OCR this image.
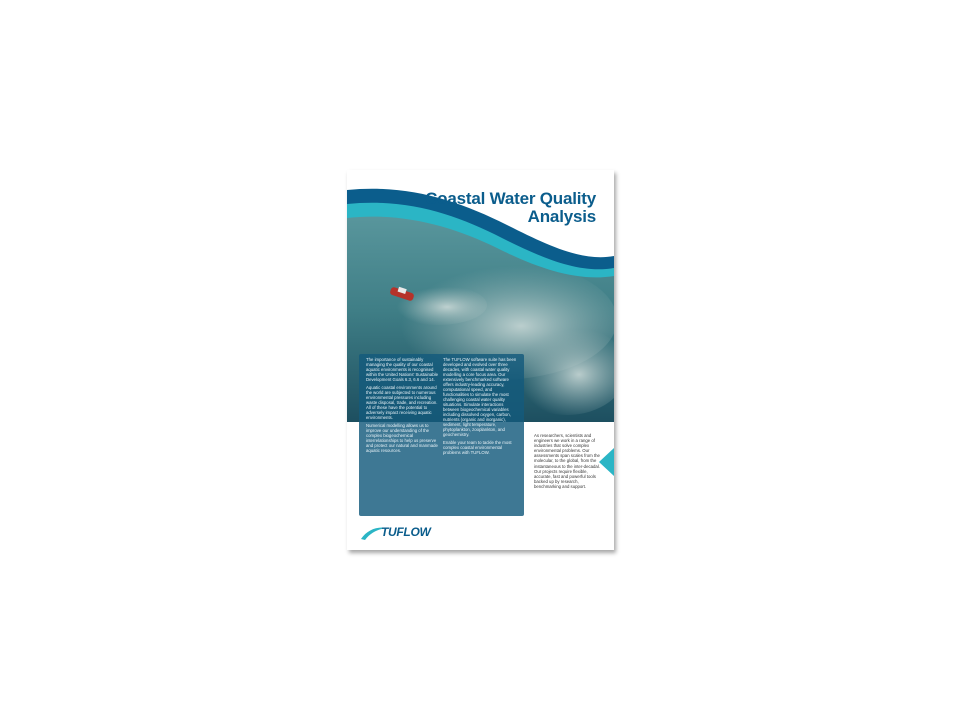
Coastal Water Quality
Analysis

The importance of sustainably managing the quality of our coastal aquatic environments is recognised within the United Nations' Sustainable Development Goals 6.3, 6.6 and 14.

Aquatic coastal environments around the world are subjected to numerous environmental pressures including waste disposal, trade, and recreation. All of these have the potential to adversely impact receiving aquatic environments.

Numerical modelling allows us to improve our understanding of the complex biogeochemical interrelationships to help us preserve and protect our natural and manmade aquatic resources.

The TUFLOW software suite has been developed and evolved over three decades, with coastal water quality modelling a core focus area. Our extensively benchmarked software offers industry-leading accuracy, computational speed, and functionalities to simulate the most challenging coastal water quality situations. Simulate interactions between biogeochemical variables including dissolved oxygen, carbon, nutrients (organic and inorganic), sediment, light temperature, phytoplankton, zooplankton, and geochemistry.

Enable your team to tackle the most complex coastal environmental problems with TUFLOW.

As researchers, scientists and engineers we work in a range of industries that solve complex environmental problems. Our assessments span scales from the molecular, to the global, from the instantaneous to the inter-decadal. Our projects require flexible, accurate, fast and powerful tools backed up by research, benchmarking and support.
TUFLOW
